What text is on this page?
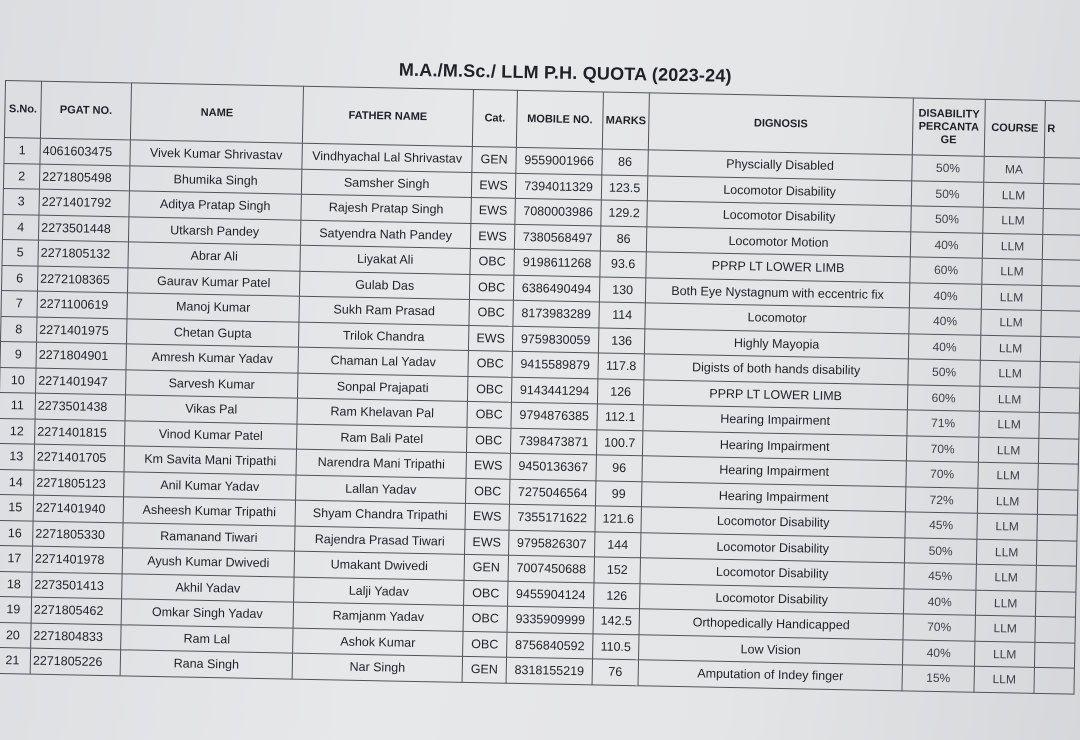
M.A./M.Sc./ LLM P.H. QUOTA (2023-24)
S.No.	PGAT NO.	NAME	FATHER NAME	Cat.	MOBILE NO.	MARKS	DIGNOSIS	DISABILITY PERCANTA GE	COURSE	R
1	4061603475	Vivek Kumar Shrivastav	Vindhyachal Lal Shrivastav	GEN	9559001966	86	Physcially Disabled	50%	MA	
2	2271805498	Bhumika Singh	Samsher Singh	EWS	7394011329	123.5	Locomotor Disability	50%	LLM	
3	2271401792	Aditya Pratap Singh	Rajesh Pratap Singh	EWS	7080003986	129.2	Locomotor Disability	50%	LLM	
4	2273501448	Utkarsh Pandey	Satyendra Nath Pandey	EWS	7380568497	86	Locomotor Motion	40%	LLM	
5	2271805132	Abrar Ali	Liyakat Ali	OBC	9198611268	93.6	PPRP LT LOWER LIMB	60%	LLM	
6	2272108365	Gaurav Kumar Patel	Gulab Das	OBC	6386490494	130	Both Eye Nystagnum with eccentric fix	40%	LLM	
7	2271100619	Manoj Kumar	Sukh Ram Prasad	OBC	8173983289	114	Locomotor	40%	LLM	
8	2271401975	Chetan Gupta	Trilok Chandra	EWS	9759830059	136	Highly Mayopia	40%	LLM	
9	2271804901	Amresh Kumar Yadav	Chaman Lal Yadav	OBC	9415589879	117.8	Digists of both hands disability	50%	LLM	
10	2271401947	Sarvesh Kumar	Sonpal Prajapati	OBC	9143441294	126	PPRP LT LOWER LIMB	60%	LLM	
11	2273501438	Vikas Pal	Ram Khelavan Pal	OBC	9794876385	112.1	Hearing Impairment	71%	LLM	
12	2271401815	Vinod Kumar Patel	Ram Bali Patel	OBC	7398473871	100.7	Hearing Impairment	70%	LLM	
13	2271401705	Km Savita Mani Tripathi	Narendra Mani Tripathi	EWS	9450136367	96	Hearing Impairment	70%	LLM	
14	2271805123	Anil Kumar Yadav	Lallan Yadav	OBC	7275046564	99	Hearing Impairment	72%	LLM	
15	2271401940	Asheesh Kumar Tripathi	Shyam Chandra Tripathi	EWS	7355171622	121.6	Locomotor Disability	45%	LLM	
16	2271805330	Ramanand Tiwari	Rajendra Prasad Tiwari	EWS	9795826307	144	Locomotor Disability	50%	LLM	
17	2271401978	Ayush Kumar Dwivedi	Umakant Dwivedi	GEN	7007450688	152	Locomotor Disability	45%	LLM	
18	2273501413	Akhil Yadav	Lalji Yadav	OBC	9455904124	126	Locomotor Disability	40%	LLM	
19	2271805462	Omkar Singh Yadav	Ramjanm Yadav	OBC	9335909999	142.5	Orthopedically Handicapped	70%	LLM	
20	2271804833	Ram Lal	Ashok Kumar	OBC	8756840592	110.5	Low Vision	40%	LLM	
21	2271805226	Rana Singh	Nar Singh	GEN	8318155219	76	Amputation of Indey finger	15%	LLM	
